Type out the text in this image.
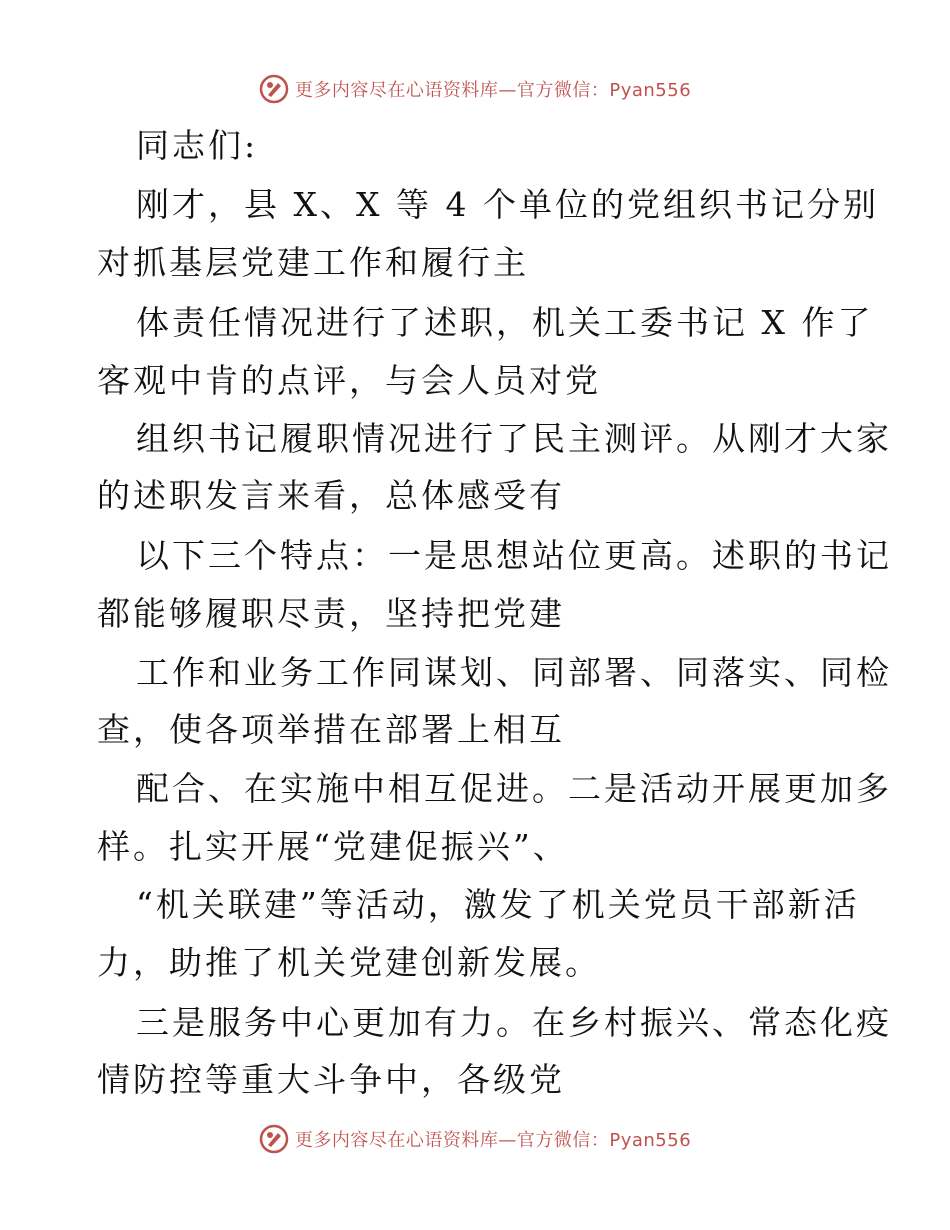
更多内容尽在心语资料库—官方微信：Pyan556
同志们:
刚才，县 X、X 等 4 个单位的党组织书记分别
对抓基层党建工作和履行主
体责任情况进行了述职，机关工委书记 X 作了
客观中肯的点评，与会人员对党
组织书记履职情况进行了民主测评。从刚才大家
的述职发言来看，总体感受有
以下三个特点：一是思想站位更高。述职的书记
都能够履职尽责，坚持把党建
工作和业务工作同谋划、同部署、同落实、同检
查，使各项举措在部署上相互
配合、在实施中相互促进。二是活动开展更加多
样。扎实开展“党建促振兴”、
“机关联建”等活动，激发了机关党员干部新活
力，助推了机关党建创新发展。
三是服务中心更加有力。在乡村振兴、常态化疫
情防控等重大斗争中，各级党
更多内容尽在心语资料库—官方微信：Pyan556
